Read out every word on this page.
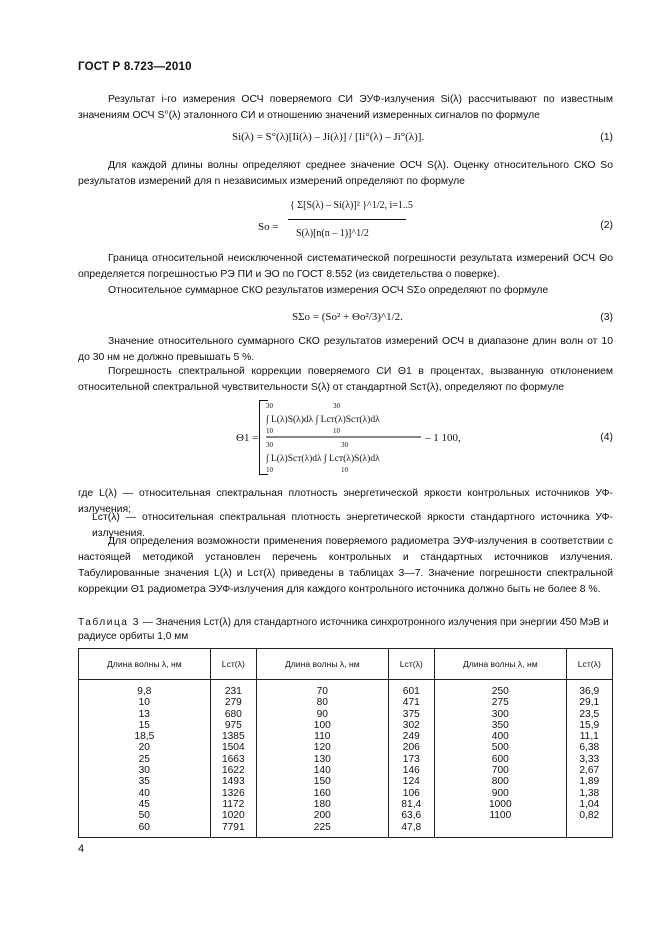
ГОСТ Р 8.723—2010
Результат i-го измерения ОСЧ поверяемого СИ ЭУФ-излучения Si(λ) рассчитывают по известным значениям ОСЧ S°(λ) эталонного СИ и отношению значений измеренных сигналов по формуле
Si(λ) = S°(λ)[Ii(λ) – Ji(λ)] / [Ii°(λ) – Ji°(λ)].	(1)
Для каждой длины волны определяют среднее значение ОСЧ S(λ). Оценку относительного СКО So результатов измерений для n независимых измерений определяют по формуле
So =
{ Σ[S(λ) – Si(λ)]² }^1/2, i=1..5
S(λ)[n(n – 1)]^1/2
(2)
Граница относительной неисключенной систематической погрешности результата измерений ОСЧ Θo определяется погрешностью РЭ ПИ и ЭО по ГОСТ 8.552 (из свидетельства о поверке).
Относительное суммарное СКО результатов измерения ОСЧ SΣo определяют по формуле
SΣo = (So² + Θo²/3)^1/2.	(3)
Значение относительного суммарного СКО результатов измерений ОСЧ в диапазоне длин волн от 10 до 30 нм не должно превышать 5 %.
Погрешность спектральной коррекции поверяемого СИ Θ1 в процентах, вызванную отклонением относительной спектральной чувствительности S(λ) от стандартной Sст(λ), определяют по формуле
Θ1 =
30
∫ L(λ)S(λ)dλ ∫ Lст(λ)Sст(λ)dλ
10	10
30
30
∫ L(λ)Sст(λ)dλ ∫ Lст(λ)S(λ)dλ
10	10
30
– 1 100,	(4)
где L(λ) — относительная спектральная плотность энергетической яркости контрольных источников УФ-излучения;
Lст(λ) — относительная спектральная плотность энергетической яркости стандартного источника УФ-излучения.
Для определения возможности применения поверяемого радиометра ЭУФ-излучения в соответствии с настоящей методикой установлен перечень контрольных и стандартных источников излучения. Табулированные значения L(λ) и Lст(λ) приведены в таблицах 3—7. Значение погрешности спектральной коррекции Θ1 радиометра ЭУФ-излучения для каждого контрольного источника должно быть не более 8 %.
Таблица 3 — Значения Lст(λ) для стандартного источника синхротронного излучения при энергии 450 МэВ и радиусе орбиты 1,0 мм
Длина волны λ, нм	Lст(λ)	Длина волны λ, нм	Lст(λ)	Длина волны λ, нм	Lст(λ)
9,8	231	70	601	250	36,9
10	279	80	471	275	29,1
13	680	90	375	300	23,5
15	975	100	302	350	15,9
18,5	1385	110	249	400	11,1
20	1504	120	206	500	6,38
25	1663	130	173	600	3,33
30	1622	140	146	700	2,67
35	1493	150	124	800	1,89
40	1326	160	106	900	1,38
45	1172	180	81,4	1000	1,04
50	1020	200	63,6	1100	0,82
60	7791	225	47,8		
4
